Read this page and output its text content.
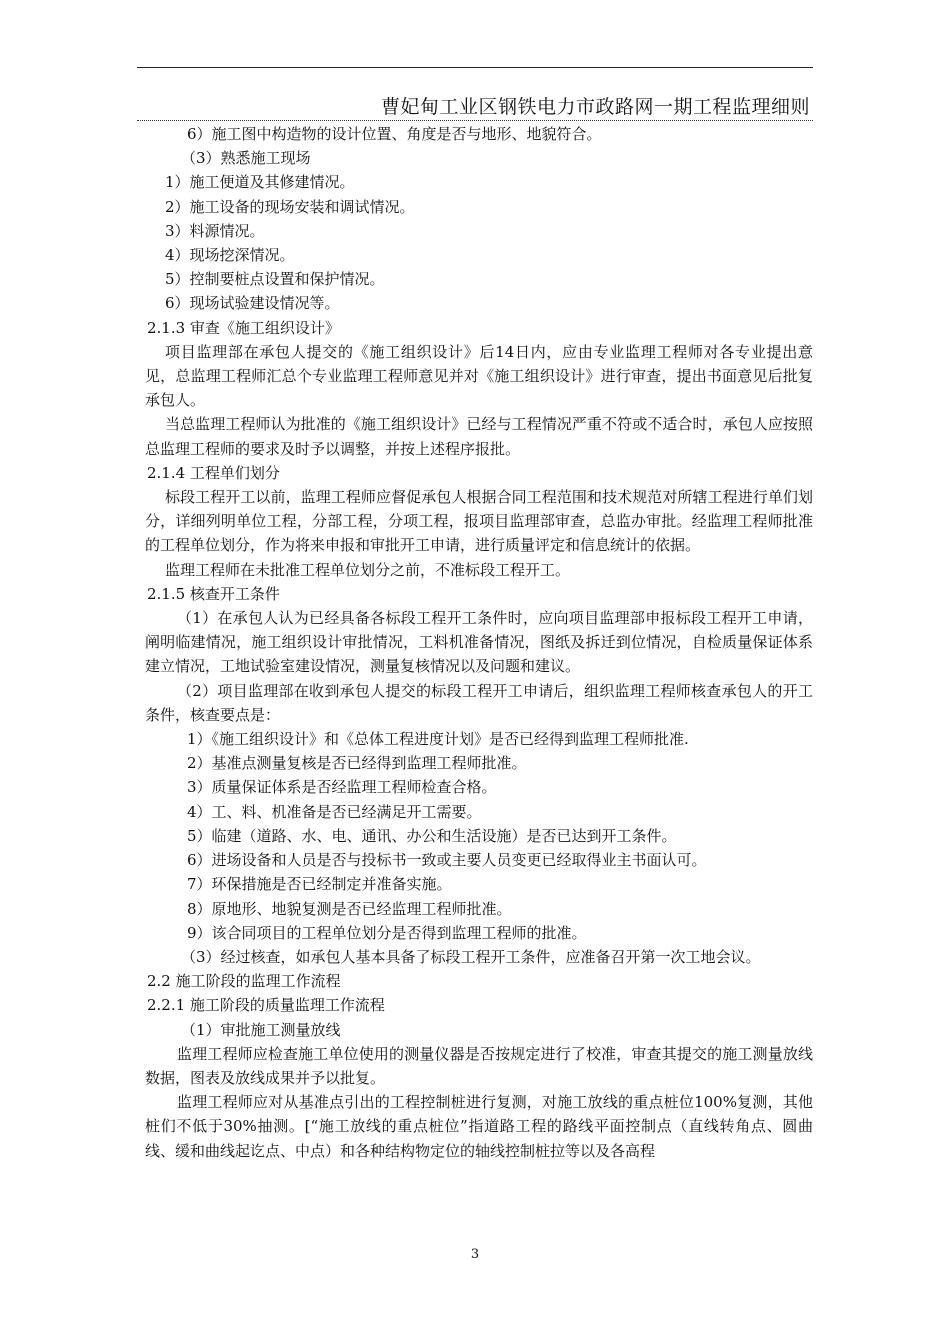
曹妃甸工业区钢铁电力市政路网一期工程监理细则
6）施工图中构造物的设计位置、角度是否与地形、地貌符合。
（3）熟悉施工现场
1）施工便道及其修建情况。
2）施工设备的现场安装和调试情况。
3）料源情况。
4）现场挖深情况。
5）控制要桩点设置和保护情况。
6）现场试验建设情况等。
2.1.3 审查《施工组织设计》
项目监理部在承包人提交的《施工组织设计》后14日内，应由专业监理工程师对各专业提出意见，总监理工程师汇总个专业监理工程师意见并对《施工组织设计》进行审查，提出书面意见后批复承包人。
当总监理工程师认为批准的《施工组织设计》已经与工程情况严重不符或不适合时，承包人应按照总监理工程师的要求及时予以调整，并按上述程序报批。
2.1.4 工程单们划分
标段工程开工以前，监理工程师应督促承包人根据合同工程范围和技术规范对所辖工程进行单们划分，详细列明单位工程，分部工程，分项工程，报项目监理部审查，总监办审批。经监理工程师批准的工程单位划分，作为将来申报和审批开工申请，进行质量评定和信息统计的依据。
监理工程师在未批准工程单位划分之前，不准标段工程开工。
2.1.5 核查开工条件
（1）在承包人认为已经具备各标段工程开工条件时，应向项目监理部申报标段工程开工申请，阐明临建情况，施工组织设计审批情况，工料机准备情况，图纸及拆迁到位情况，自检质量保证体系建立情况，工地试验室建设情况，测量复核情况以及问题和建议。
（2）项目监理部在收到承包人提交的标段工程开工申请后，组织监理工程师核查承包人的开工条件，核查要点是：
1）《施工组织设计》和《总体工程进度计划》是否已经得到监理工程师批准.
2）基准点测量复核是否已经得到监理工程师批准。
3）质量保证体系是否经监理工程师检查合格。
4）工、料、机准备是否已经满足开工需要。
5）临建（道路、水、电、通讯、办公和生活设施）是否已达到开工条件。
6）进场设备和人员是否与投标书一致或主要人员变更已经取得业主书面认可。
7）环保措施是否已经制定并准备实施。
8）原地形、地貌复测是否已经监理工程师批准。
9）该合同项目的工程单位划分是否得到监理工程师的批准。
（3）经过核查，如承包人基本具备了标段工程开工条件，应准备召开第一次工地会议。
2.2 施工阶段的监理工作流程
2.2.1 施工阶段的质量监理工作流程
（1）审批施工测量放线
监理工程师应检查施工单位使用的测量仪器是否按规定进行了校准，审查其提交的施工测量放线数据，图表及放线成果并予以批复。
监理工程师应对从基准点引出的工程控制桩进行复测，对施工放线的重点桩位100%复测，其他桩们不低于30%抽测。[“施工放线的重点桩位”指道路工程的路线平面控制点（直线转角点、圆曲线、缓和曲线起讫点、中点）和各种结构物定位的轴线控制桩拉等以及各高程
3
